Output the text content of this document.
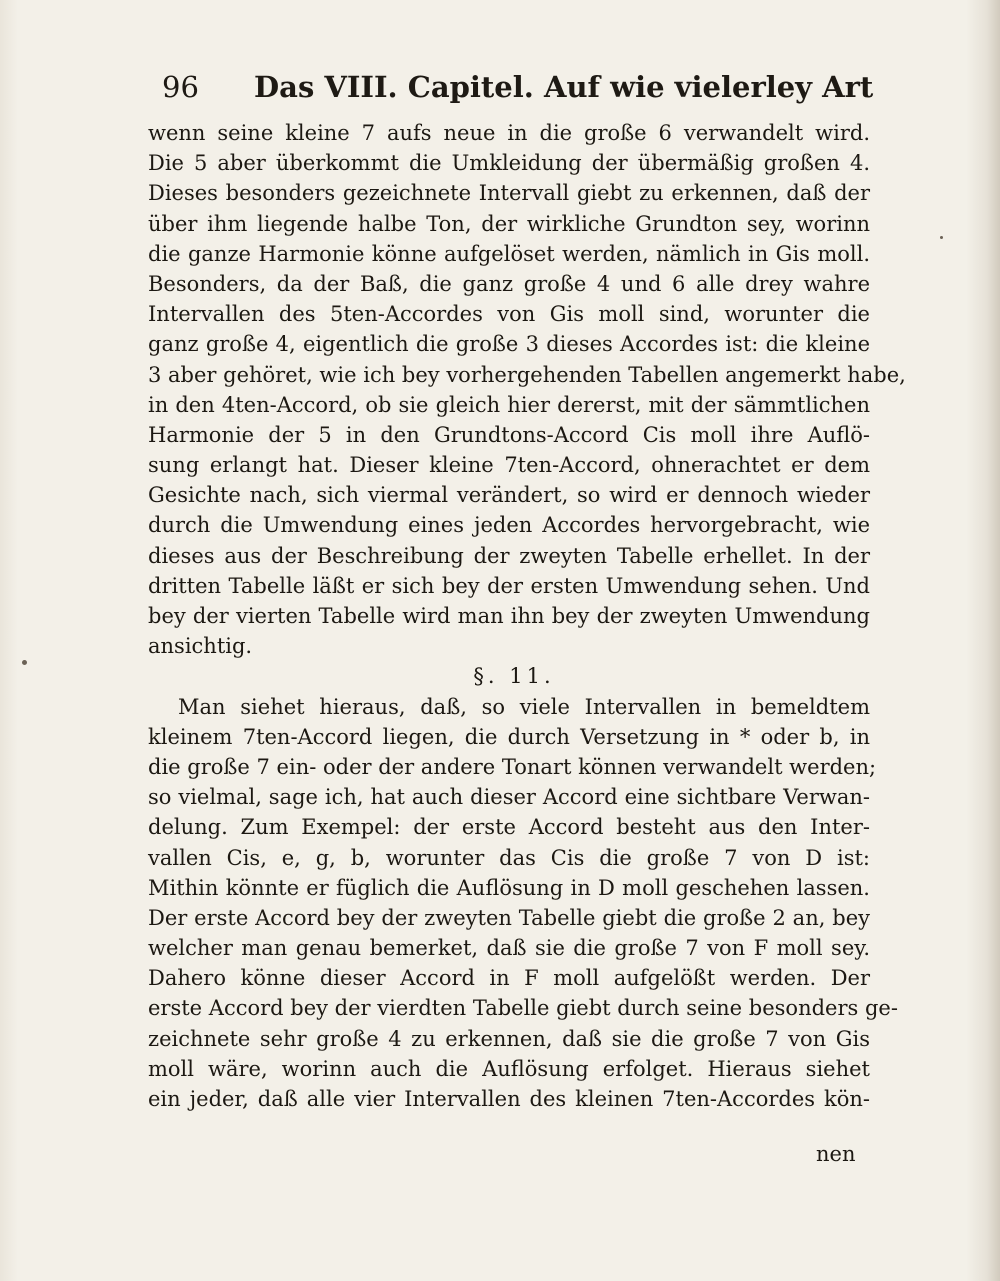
96 Das VIII. Capitel. Auf wie vielerley Art
wenn seine kleine 7 aufs neue in die große 6 verwandelt wird.
Die 5 aber überkommt die Umkleidung der übermäßig großen 4.
Dieses besonders gezeichnete Intervall giebt zu erkennen, daß der
über ihm liegende halbe Ton, der wirkliche Grundton sey, worinn
die ganze Harmonie könne aufgelöset werden, nämlich in Gis moll.
Besonders, da der Baß, die ganz große 4 und 6 alle drey wahre
Intervallen des 5ten-Accordes von Gis moll sind, worunter die
ganz große 4, eigentlich die große 3 dieses Accordes ist: die kleine
3 aber gehöret, wie ich bey vorhergehenden Tabellen angemerkt habe,
in den 4ten-Accord, ob sie gleich hier dererst, mit der sämmtlichen
Harmonie der 5 in den Grundtons-Accord Cis moll ihre Auflö-
sung erlangt hat. Dieser kleine 7ten-Accord, ohnerachtet er dem
Gesichte nach, sich viermal verändert, so wird er dennoch wieder
durch die Umwendung eines jeden Accordes hervorgebracht, wie
dieses aus der Beschreibung der zweyten Tabelle erhellet. In der
dritten Tabelle läßt er sich bey der ersten Umwendung sehen. Und
bey der vierten Tabelle wird man ihn bey der zweyten Umwendung
ansichtig.
§. 11.
Man siehet hieraus, daß, so viele Intervallen in bemeldtem
kleinem 7ten-Accord liegen, die durch Versetzung in * oder b, in
die große 7 ein- oder der andere Tonart können verwandelt werden;
so vielmal, sage ich, hat auch dieser Accord eine sichtbare Verwan-
delung. Zum Exempel: der erste Accord besteht aus den Inter-
vallen Cis, e, g, b, worunter das Cis die große 7 von D ist:
Mithin könnte er füglich die Auflösung in D moll geschehen lassen.
Der erste Accord bey der zweyten Tabelle giebt die große 2 an, bey
welcher man genau bemerket, daß sie die große 7 von F moll sey.
Dahero könne dieser Accord in F moll aufgelößt werden. Der
erste Accord bey der vierdten Tabelle giebt durch seine besonders ge-
zeichnete sehr große 4 zu erkennen, daß sie die große 7 von Gis
moll wäre, worinn auch die Auflösung erfolget. Hieraus siehet
ein jeder, daß alle vier Intervallen des kleinen 7ten-Accordes kön-
nen
